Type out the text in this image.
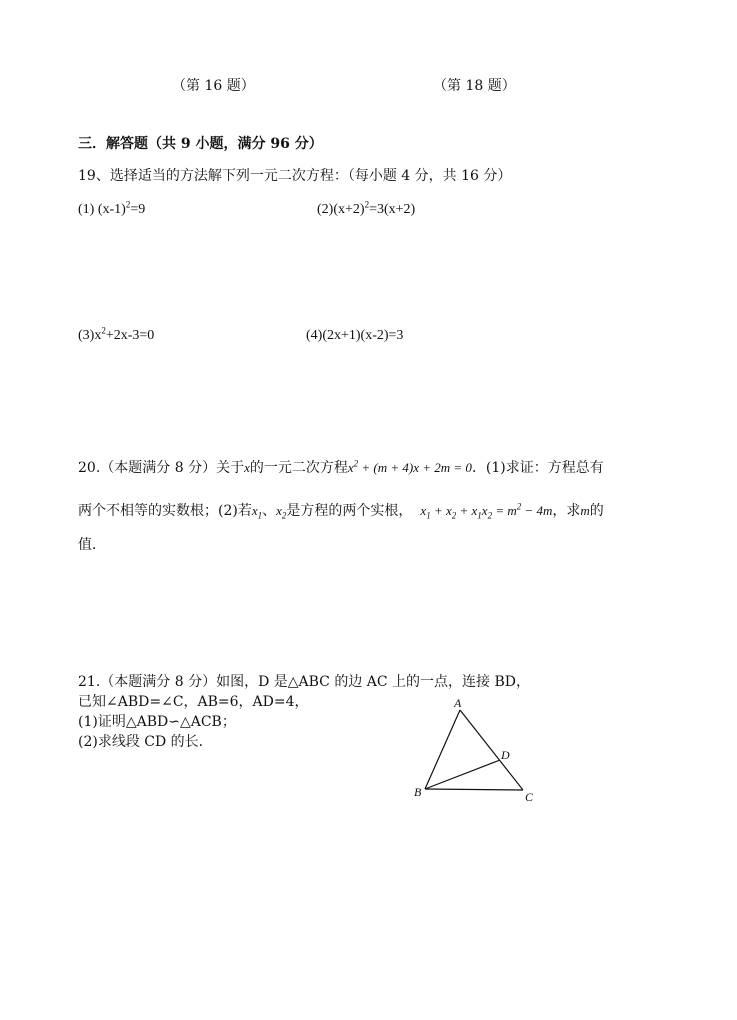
（第 16 题）	（第 18 题）
三．解答题（共 9 小题，满分 96 分）
19、选择适当的方法解下列一元二次方程：（每小题 4 分，共 16 分）
(1) $(x-1)^2=9$	$(2)(x+2)^2=3(x+2)$
$(3)x^2+2x-3=0$	(4)(2x+1)(x-2)=3
20.（本题满分 8 分）关于x的一元二次方程$x^2 + (m + 4)x + 2m = 0$．(1)求证：方程总有
两个不相等的实数根；(2)若$x_1$、$x_2$是方程的两个实根， $x_1 + x_2 + x_1x_2 = m^2 - 4m$，求m的
值．
21.（本题满分 8 分）如图，D 是△ABC 的边 AC 上的一点，连接 BD，
已知∠ABD=∠C，AB=6，AD=4，
(1)证明△ABD∽△ACB；
(2)求线段 CD 的长．
A
B	C
D
